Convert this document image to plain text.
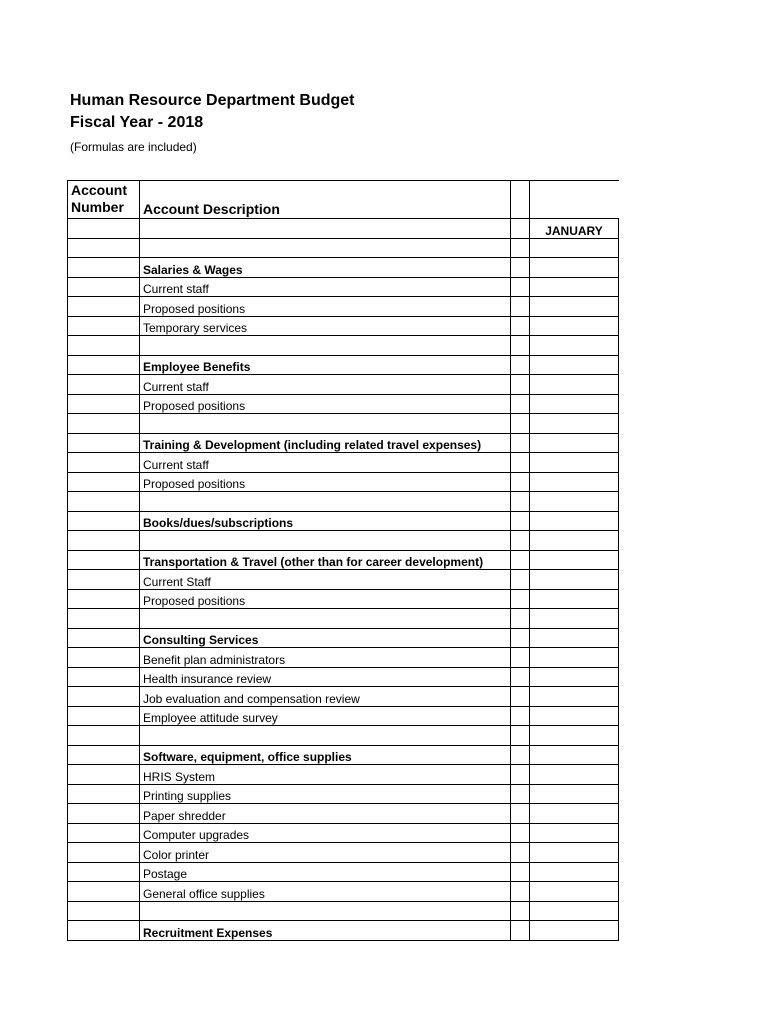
Human Resource Department Budget
Fiscal Year - 2018
(Formulas are included)
Account
Number	Account Description		
			JANUARY

	Salaries & Wages		
	Current staff		
	Proposed positions		
	Temporary services		

	Employee Benefits		
	Current staff		
	Proposed positions		

	Training & Development (including related travel expenses)		
	Current staff		
	Proposed positions		

	Books/dues/subscriptions		

	Transportation & Travel (other than for career development)		
	Current Staff		
	Proposed positions		

	Consulting Services		
	Benefit plan administrators		
	Health insurance review		
	Job evaluation and compensation review		
	Employee attitude survey		

	Software, equipment, office supplies		
	HRIS System		
	Printing supplies		
	Paper shredder		
	Computer upgrades		
	Color printer		
	Postage		
	General office supplies		

	Recruitment Expenses		
